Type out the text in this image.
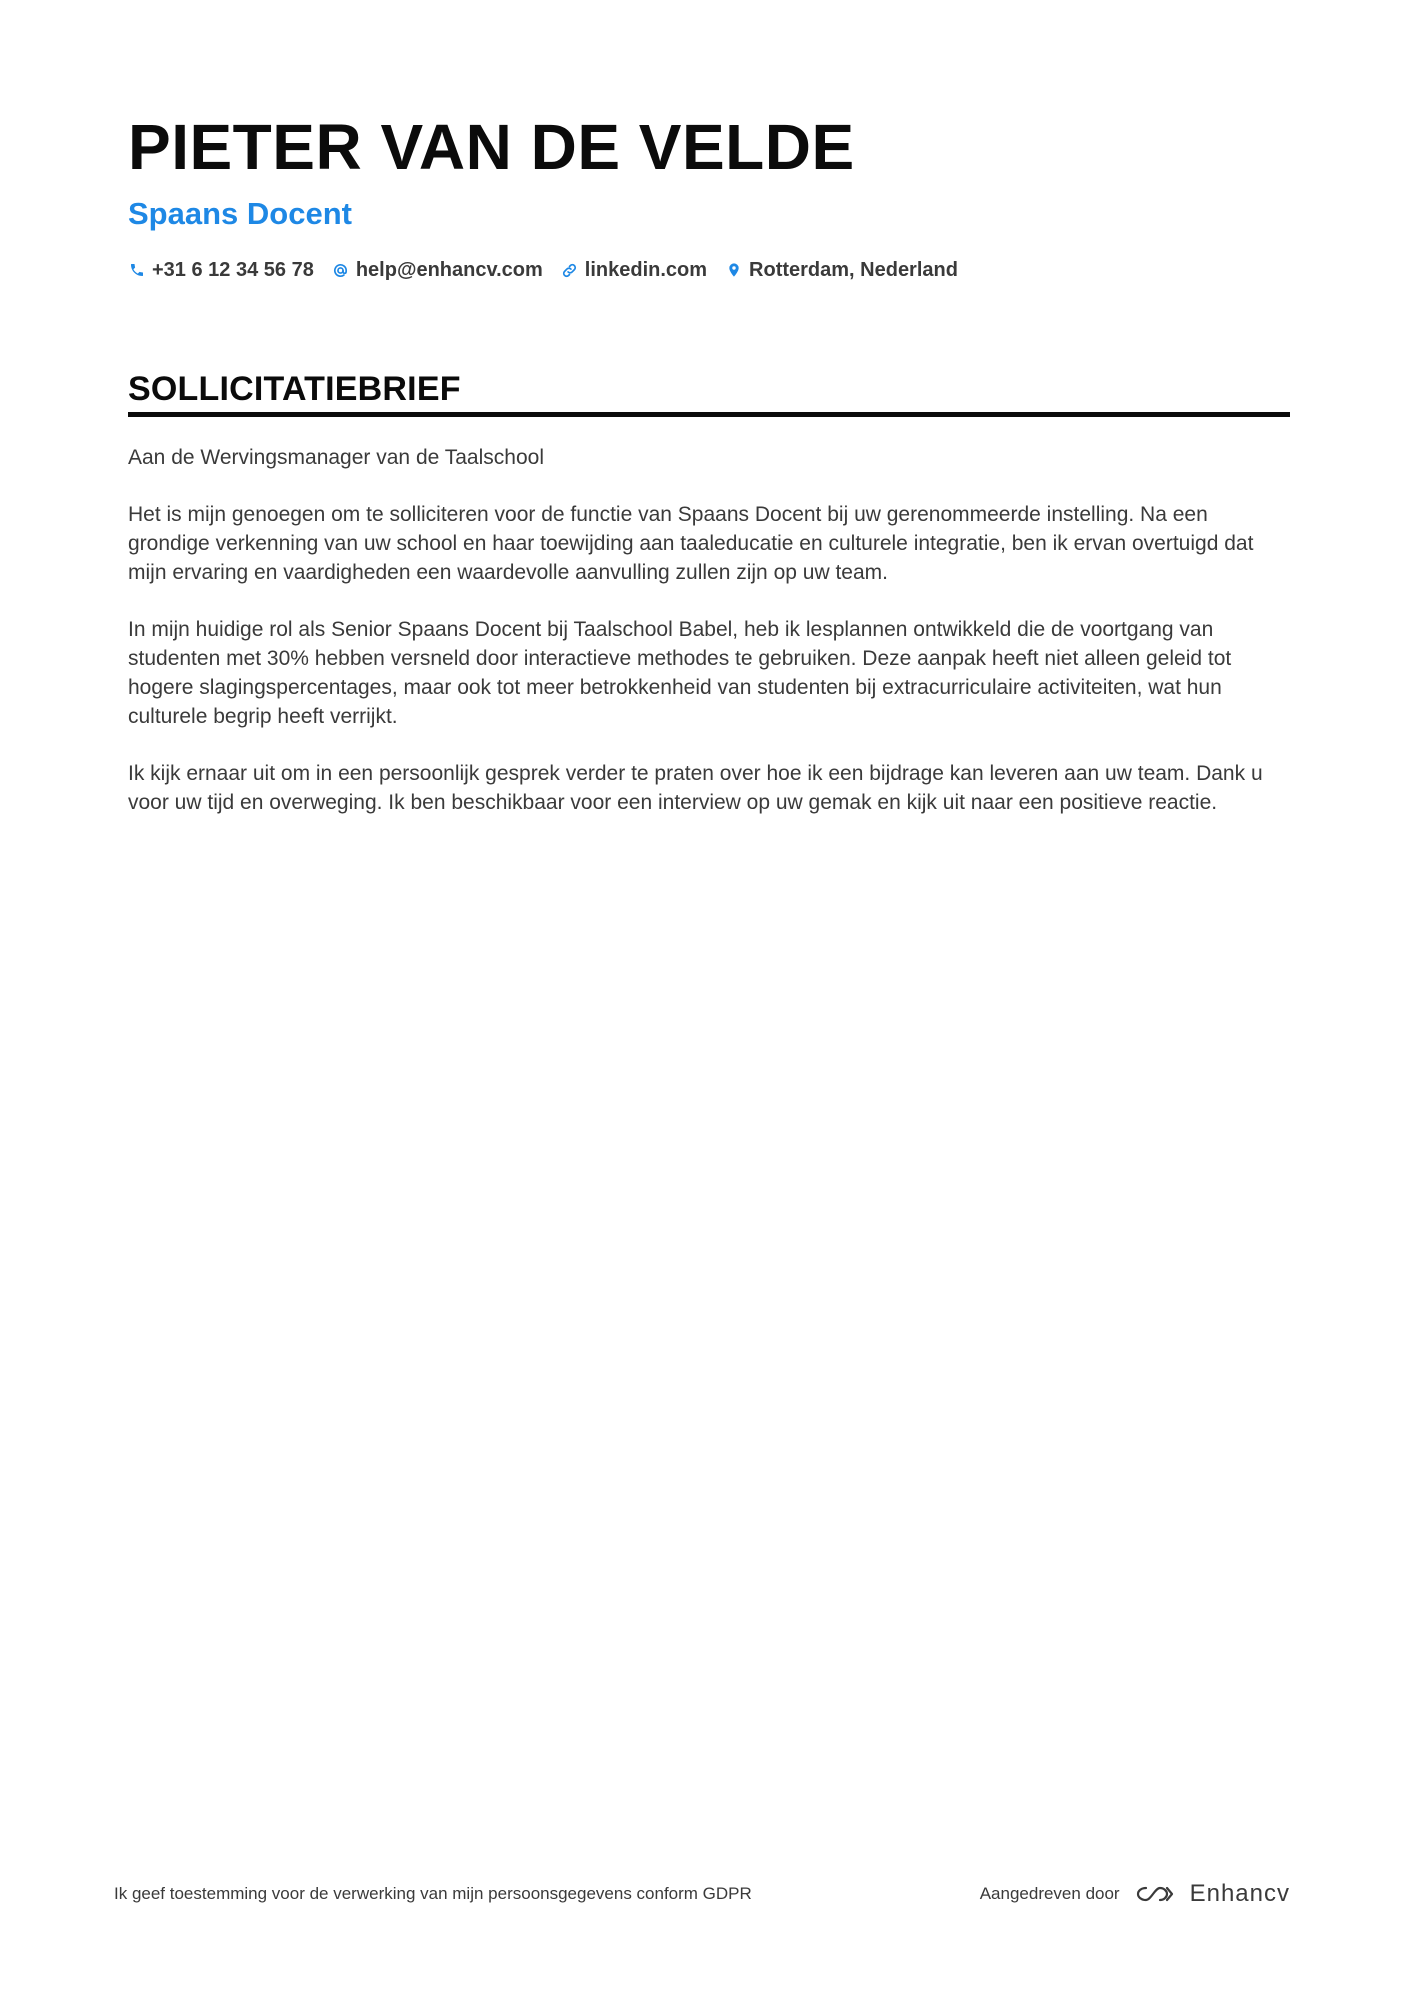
PIETER VAN DE VELDE
Spaans Docent
+31 6 12 34 56 78 help@enhancv.com linkedin.com Rotterdam, Nederland
SOLLICITATIEBRIEF

Aan de Wervingsmanager van de Taalschool

Het is mijn genoegen om te solliciteren voor de functie van Spaans Docent bij uw gerenommeerde instelling. Na een grondige verkenning van uw school en haar toewijding aan taaleducatie en culturele integratie, ben ik ervan overtuigd dat mijn ervaring en vaardigheden een waardevolle aanvulling zullen zijn op uw team.

In mijn huidige rol als Senior Spaans Docent bij Taalschool Babel, heb ik lesplannen ontwikkeld die de voortgang van studenten met 30% hebben versneld door interactieve methodes te gebruiken. Deze aanpak heeft niet alleen geleid tot hogere slagingspercentages, maar ook tot meer betrokkenheid van studenten bij extracurriculaire activiteiten, wat hun culturele begrip heeft verrijkt.

Ik kijk ernaar uit om in een persoonlijk gesprek verder te praten over hoe ik een bijdrage kan leveren aan uw team. Dank u voor uw tijd en overweging. Ik ben beschikbaar voor een interview op uw gemak en kijk uit naar een positieve reactie.

Ik geef toestemming voor de verwerking van mijn persoonsgegevens conform GDPR	Aangedreven door	Enhancv
